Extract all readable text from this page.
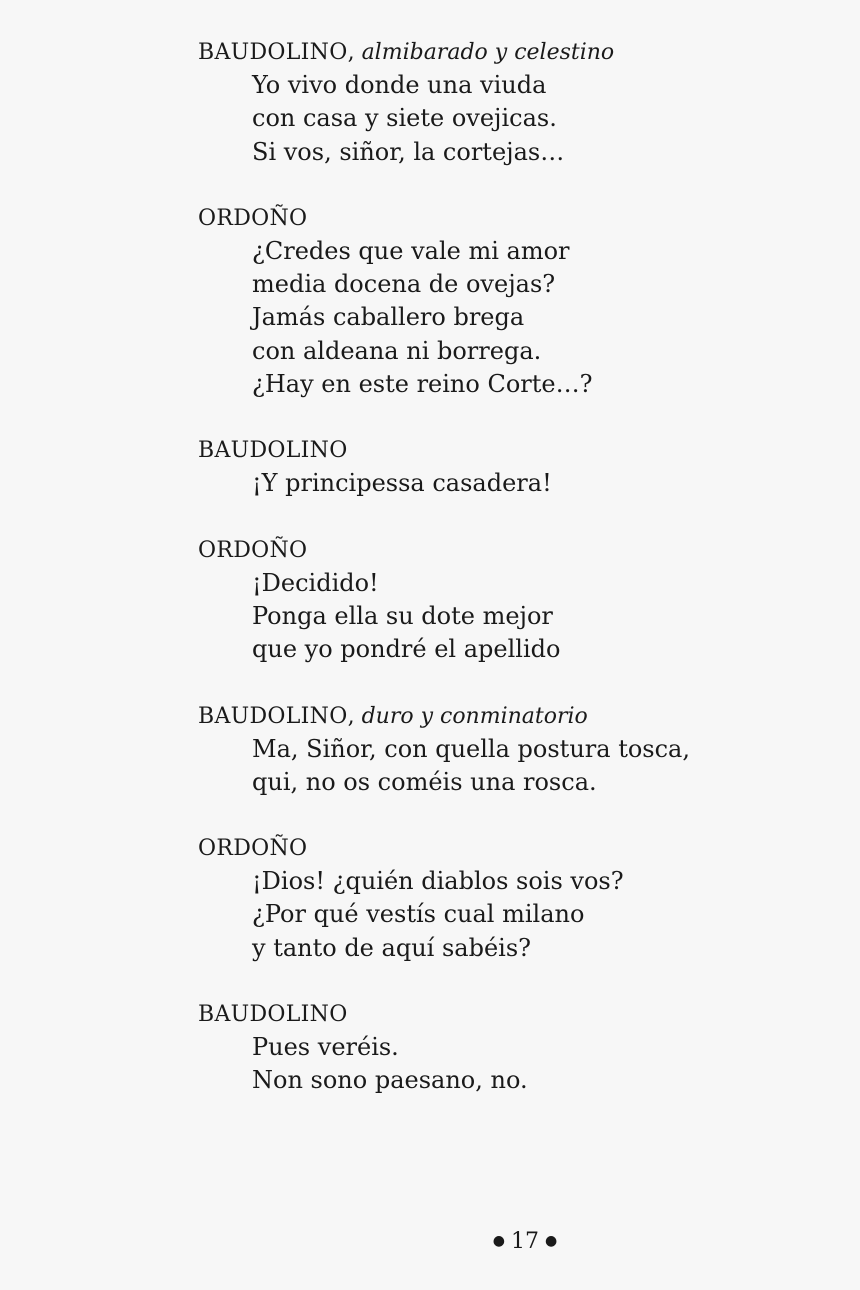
BAUDOLINO, almibarado y celestino
Yo vivo donde una viuda
con casa y siete ovejicas.
Si vos, siñor, la cortejas…
ORDOÑO
¿Credes que vale mi amor
media docena de ovejas?
Jamás caballero brega
con aldeana ni borrega.
¿Hay en este reino Corte…?
BAUDOLINO
¡Y principessa casadera!
ORDOÑO
¡Decidido!
Ponga ella su dote mejor
que yo pondré el apellido
BAUDOLINO, duro y conminatorio
Ma, Siñor, con quella postura tosca,
qui, no os coméis una rosca.
ORDOÑO
¡Dios! ¿quién diablos sois vos?
¿Por qué vestís cual milano
y tanto de aquí sabéis?
BAUDOLINO
Pues veréis.
Non sono paesano, no.
● 17 ●
